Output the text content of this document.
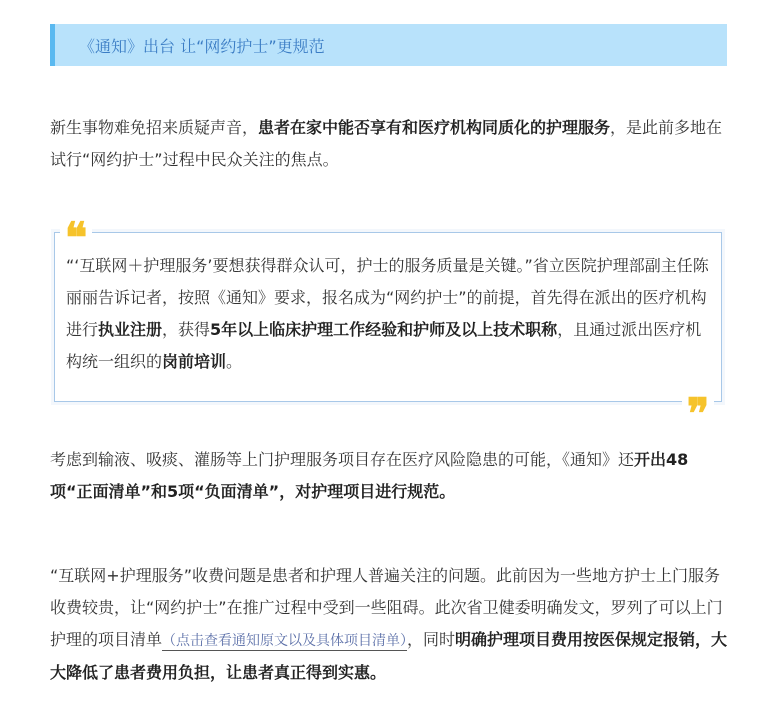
《通知》出台 让“网约护士”更规范

新生事物难免招来质疑声音，患者在家中能否享有和医疗机构同质化的护理服务，是此前多地在试行“网约护士”过程中民众关注的焦点。

❝

“‘互联网＋护理服务’要想获得群众认可，护士的服务质量是关键。”省立医院护理部副主任陈丽丽告诉记者，按照《通知》要求，报名成为“网约护士”的前提，首先得在派出的医疗机构进行执业注册，获得5年以上临床护理工作经验和护师及以上技术职称，且通过派出医疗机构统一组织的岗前培训。

❞

考虑到输液、吸痰、灌肠等上门护理服务项目存在医疗风险隐患的可能，《通知》还开出48项“正面清单”和5项“负面清单”，对护理项目进行规范。

“互联网+护理服务”收费问题是患者和护理人普遍关注的问题。此前因为一些地方护士上门服务收费较贵，让“网约护士”在推广过程中受到一些阻碍。此次省卫健委明确发文，罗列了可以上门护理的项目清单（点击查看通知原文以及具体项目清单），同时明确护理项目费用按医保规定报销，大大降低了患者费用负担，让患者真正得到实惠。
